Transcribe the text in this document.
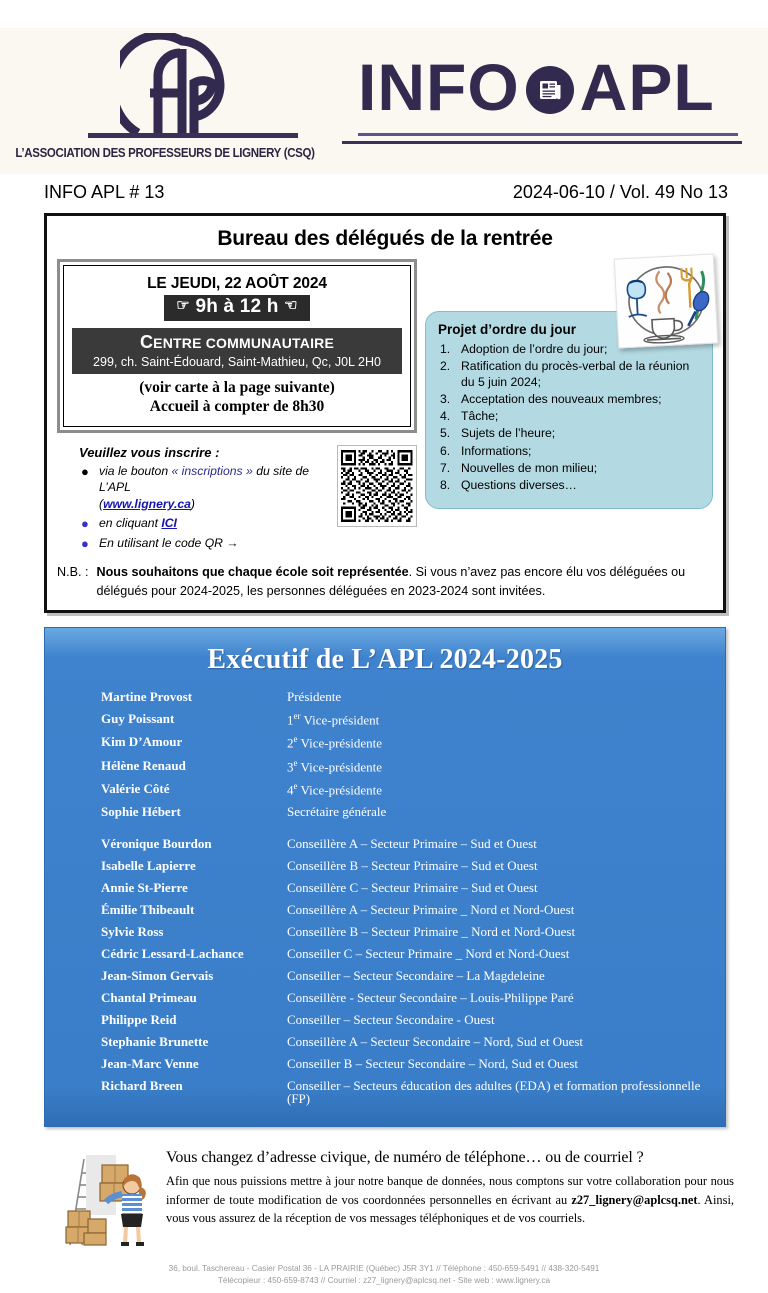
L’ASSOCIATION DES PROFESSEURS DE LIGNERY (CSQ)
INFO APL
INFO APL # 13	2024-06-10 / Vol. 49 No 13
Bureau des délégués de la rentrée
LE JEUDI, 22 AOÛT 2024
☞ 9h à 12 h ☜
CENTRE COMMUNAUTAIRE
299, ch. Saint-Édouard, Saint-Mathieu, Qc, J0L 2H0
(voir carte à la page suivante)
Accueil à compter de 8h30
Veuillez vous inscrire :
● via le bouton « inscriptions » du site de L’APL
(www.lignery.ca)
● en cliquant ICI
● En utilisant le code QR →
Projet d’ordre du jour
1. Adoption de l’ordre du jour;
2. Ratification du procès-verbal de la réunion du 5 juin 2024;
3. Acceptation des nouveaux membres;
4. Tâche;
5. Sujets de l’heure;
6. Informations;
7. Nouvelles de mon milieu;
8. Questions diverses…
N.B. : Nous souhaitons que chaque école soit représentée. Si vous n’avez pas encore élu vos déléguées ou délégués pour 2024-2025, les personnes déléguées en 2023-2024 sont invitées.
Exécutif de L’APL 2024-2025
Martine Provost	Présidente
Guy Poissant	1er Vice-président
Kim D’Amour	2e Vice-présidente
Hélène Renaud	3e Vice-présidente
Valérie Côté	4e Vice-présidente
Sophie Hébert	Secrétaire générale
Véronique Bourdon	Conseillère A – Secteur Primaire – Sud et Ouest
Isabelle Lapierre	Conseillère B – Secteur Primaire – Sud et Ouest
Annie St-Pierre	Conseillère C – Secteur Primaire – Sud et Ouest
Émilie Thibeault	Conseillère A – Secteur Primaire _ Nord et Nord-Ouest
Sylvie Ross	Conseillère B – Secteur Primaire _ Nord et Nord-Ouest
Cédric Lessard-Lachance	Conseiller C – Secteur Primaire _ Nord et Nord-Ouest
Jean-Simon Gervais	Conseiller – Secteur Secondaire – La Magdeleine
Chantal Primeau	Conseillère - Secteur Secondaire – Louis-Philippe Paré
Philippe Reid	Conseiller – Secteur Secondaire - Ouest
Stephanie Brunette	Conseillère A – Secteur Secondaire – Nord, Sud et Ouest
Jean-Marc Venne	Conseiller B – Secteur Secondaire – Nord, Sud et Ouest
Richard Breen	Conseiller – Secteurs éducation des adultes (EDA) et formation professionnelle (FP)
Vous changez d’adresse civique, de numéro de téléphone… ou de courriel ?
Afin que nous puissions mettre à jour notre banque de données, nous comptons sur votre collaboration pour nous informer de toute modification de vos coordonnées personnelles en écrivant au z27_lignery@aplcsq.net. Ainsi, vous vous assurez de la réception de vos messages téléphoniques et de vos courriels.
36, boul. Taschereau - Casier Postal 36 - LA PRAIRIE (Québec) J5R 3Y1 // Téléphone : 450-659-5491 // 438-320-5491
Télécopieur : 450-659-8743 // Courriel : z27_lignery@aplcsq.net - Site web : www.lignery.ca
